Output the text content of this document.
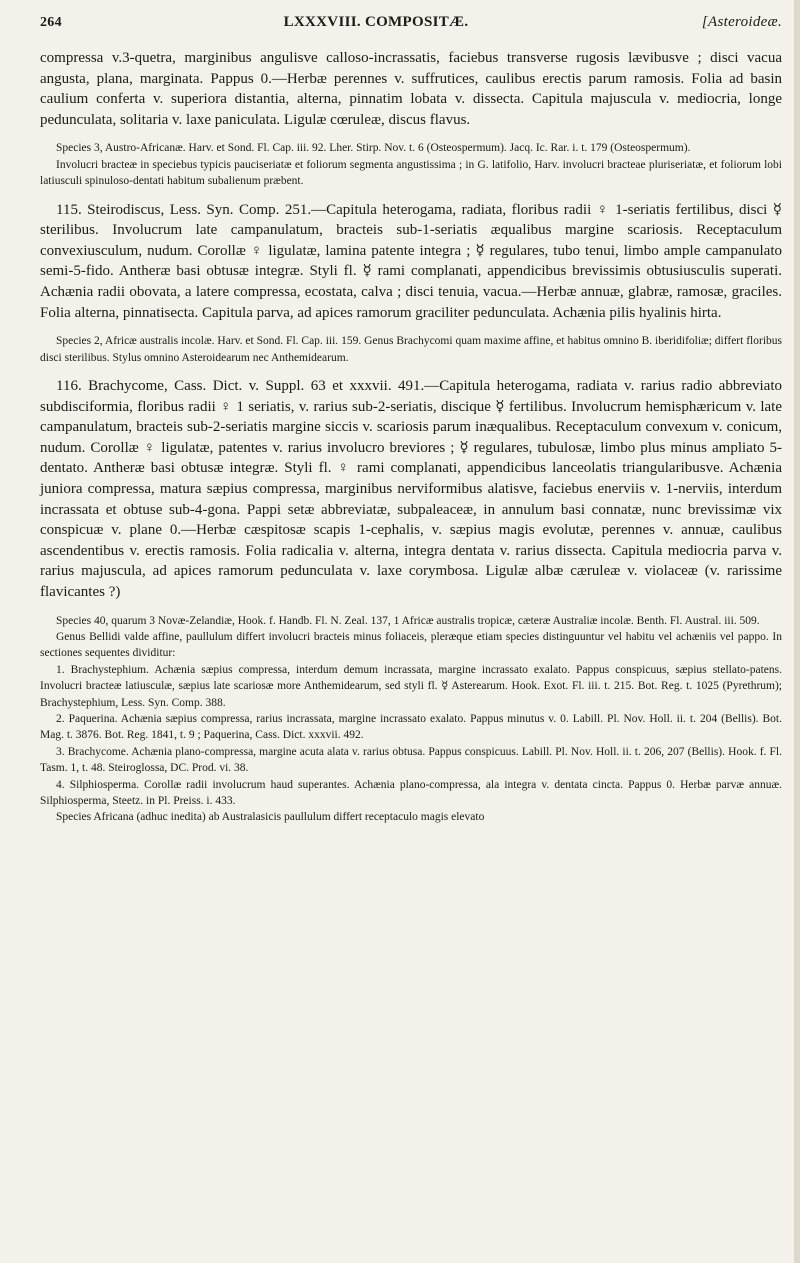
264	LXXXVIII. COMPOSITÆ.	[Asteroideæ.

compressa v.3-quetra, marginibus angulisve calloso-incrassatis, faciebus transverse rugosis lævibusve ; disci vacua angusta, plana, marginata. Pappus 0.—Herbæ perennes v. suffrutices, caulibus erectis parum ramosis. Folia ad basin caulium conferta v. superiora distantia, alterna, pinnatim lobata v. dissecta. Capitula majuscula v. mediocria, longe pedunculata, solitaria v. laxe paniculata. Ligulæ cœruleæ, discus flavus.

Species 3, Austro-Africanæ. Harv. et Sond. Fl. Cap. iii. 92. Lher. Stirp. Nov. t. 6 (Osteospermum). Jacq. Ic. Rar. i. t. 179 (Osteospermum).

Involucri bracteæ in speciebus typicis pauciseriatæ et foliorum segmenta angustissima ; in G. latifolio, Harv. involucri bracteae pluriseriatæ, et foliorum lobi latiusculi spinuloso-dentati habitum subalienum præbent.

115. Steirodiscus, Less. Syn. Comp. 251.—Capitula heterogama, radiata, floribus radii ♀ 1-seriatis fertilibus, disci ☿ sterilibus. Involucrum late campanulatum, bracteis sub-1-seriatis æqualibus margine scariosis. Receptaculum convexiusculum, nudum. Corollæ ♀ ligulatæ, lamina patente integra ; ☿ regulares, tubo tenui, limbo ample campanulato semi-5-fido. Antheræ basi obtusæ integræ. Styli fl. ☿ rami complanati, appendicibus brevissimis obtusiusculis superati. Achænia radii obovata, a latere compressa, ecostata, calva ; disci tenuia, vacua.—Herbæ annuæ, glabræ, ramosæ, graciles. Folia alterna, pinnatisecta. Capitula parva, ad apices ramorum graciliter pedunculata. Achænia pilis hyalinis hirta.

Species 2, Africæ australis incolæ. Harv. et Sond. Fl. Cap. iii. 159. Genus Brachycomi quam maxime affine, et habitus omnino B. iberidifoliæ; differt floribus disci sterilibus. Stylus omnino Asteroidearum nec Anthemidearum.

116. Brachycome, Cass. Dict. v. Suppl. 63 et xxxvii. 491.—Capitula heterogama, radiata v. rarius radio abbreviato subdisciformia, floribus radii ♀ 1 seriatis, v. rarius sub-2-seriatis, discique ☿ fertilibus. Involucrum hemisphæricum v. late campanulatum, bracteis sub-2-seriatis margine siccis v. scariosis parum inæqualibus. Receptaculum convexum v. conicum, nudum. Corollæ ♀ ligulatæ, patentes v. rarius involucro breviores ; ☿ regulares, tubulosæ, limbo plus minus ampliato 5-dentato. Antheræ basi obtusæ integræ. Styli fl. ♀ rami complanati, appendicibus lanceolatis triangularibusve. Achænia juniora compressa, matura sæpius compressa, marginibus nerviformibus alatisve, faciebus enerviis v. 1-nerviis, interdum incrassata et obtuse sub-4-gona. Pappi setæ abbreviatæ, subpaleaceæ, in annulum basi connatæ, nunc brevissimæ vix conspicuæ v. plane 0.—Herbæ cæspitosæ scapis 1-cephalis, v. sæpius magis evolutæ, perennes v. annuæ, caulibus ascendentibus v. erectis ramosis. Folia radicalia v. alterna, integra dentata v. rarius dissecta. Capitula mediocria parva v. rarius majuscula, ad apices ramorum pedunculata v. laxe corymbosa. Ligulæ albæ cæruleæ v. violaceæ (v. rarissime flavicantes ?)

Species 40, quarum 3 Novæ-Zelandiæ, Hook. f. Handb. Fl. N. Zeal. 137, 1 Africæ australis tropicæ, cæteræ Australiæ incolæ. Benth. Fl. Austral. iii. 509.

Genus Bellidi valde affine, paullulum differt involucri bracteis minus foliaceis, pleræque etiam species distinguuntur vel habitu vel achæniis vel pappo. In sectiones sequentes dividitur:

1. Brachystephium. Achænia sæpius compressa, interdum demum incrassata, margine incrassato exalato. Pappus conspicuus, sæpius stellato-patens. Involucri bracteæ latiusculæ, sæpius late scariosæ more Anthemidearum, sed styli fl. ☿ Asterearum. Hook. Exot. Fl. iii. t. 215. Bot. Reg. t. 1025 (Pyrethrum); Brachystephium, Less. Syn. Comp. 388.

2. Paquerina. Achænia sæpius compressa, rarius incrassata, margine incrassato exalato. Pappus minutus v. 0. Labill. Pl. Nov. Holl. ii. t. 204 (Bellis). Bot. Mag. t. 3876. Bot. Reg. 1841, t. 9 ; Paquerina, Cass. Dict. xxxvii. 492.

3. Brachycome. Achænia plano-compressa, margine acuta alata v. rarius obtusa. Pappus conspicuus. Labill. Pl. Nov. Holl. ii. t. 206, 207 (Bellis). Hook. f. Fl. Tasm. 1, t. 48. Steiroglossa, DC. Prod. vi. 38.

4. Silphiosperma. Corollæ radii involucrum haud superantes. Achænia plano-compressa, ala integra v. dentata cincta. Pappus 0. Herbæ parvæ annuæ. Silphiosperma, Steetz. in Pl. Preiss. i. 433.

Species Africana (adhuc inedita) ab Australasicis paullulum differt receptaculo magis elevato
